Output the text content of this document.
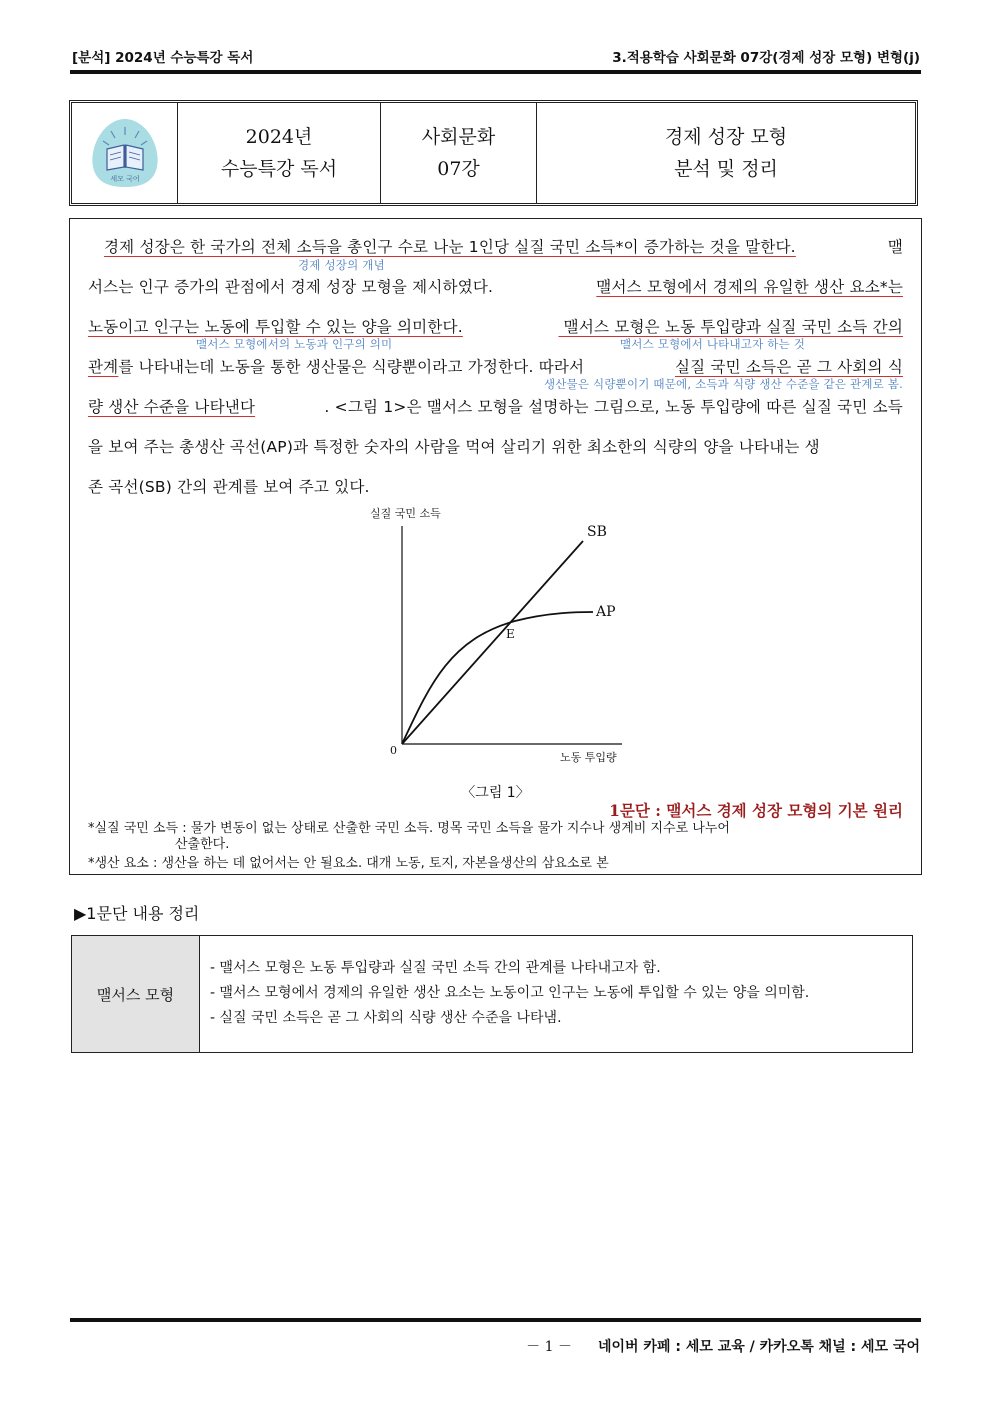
[분석] 2024년 수능특강 독서	3.적용학습 사회문화 07강(경제 성장 모형) 변형(j)
세모 국어
2024년
수능특강 독서
사회문화
07강
경제 성장 모형
분석 및 정리
경제 성장은 한 국가의 전체 소득을 총인구 수로 나눈 1인당 실질 국민 소득*이 증가하는 것을 말한다.	맬
경제 성장의 개념
서스는 인구 증가의 관점에서 경제 성장 모형을 제시하였다.	맬서스 모형에서 경제의 유일한 생산 요소*는
노동이고 인구는 노동에 투입할 수 있는 양을 의미한다.	맬서스 모형은 노동 투입량과 실질 국민 소득 간의
맬서스 모형에서의 노동과 인구의 의미	맬서스 모형에서 나타내고자 하는 것
관계 를 나타내는데 노동을 통한 생산물은 식량뿐이라고 가정한다. 따라서	실질 국민 소득은 곧 그 사회의 식
생산물은 식량뿐이기 때문에, 소득과 식량 생산 수준을 같은 관계로 봄.
량 생산 수준을 나타낸다	. <그림 1>은 맬서스 모형을 설명하는 그림으로, 노동 투입량에 따른 실질 국민 소득
을 보여 주는 총생산 곡선(AP)과 특정한 숫자의 사람을 먹여 살리기 위한 최소한의 식량의 양을 나타내는 생
존 곡선(SB) 간의 관계를 보여 주고 있다.
실질 국민 소득
0
노동 투입량
SB
AP
E
〈그림 1〉
1문단 : 맬서스 경제 성장 모형의 기본 원리
*실질 국민 소득 : 물가 변동이 없는 상태로 산출한 국민 소득. 명목 국민 소득을 물가 지수나 생계비 지수로 나누어
산출한다.
*생산 요소 : 생산을 하는 데 없어서는 안 될요소. 대개 노동, 토지, 자본을생산의 삼요소로 본
▶1문단 내용 정리
맬서스 모형
- 맬서스 모형은 노동 투입량과 실질 국민 소득 간의 관계를 나타내고자 함.
- 맬서스 모형에서 경제의 유일한 생산 요소는 노동이고 인구는 노동에 투입할 수 있는 양을 의미함.
- 실질 국민 소득은 곧 그 사회의 식량 생산 수준을 나타냄.
－ 1 － 네이버 카페 : 세모 교육 / 카카오톡 채널 : 세모 국어
